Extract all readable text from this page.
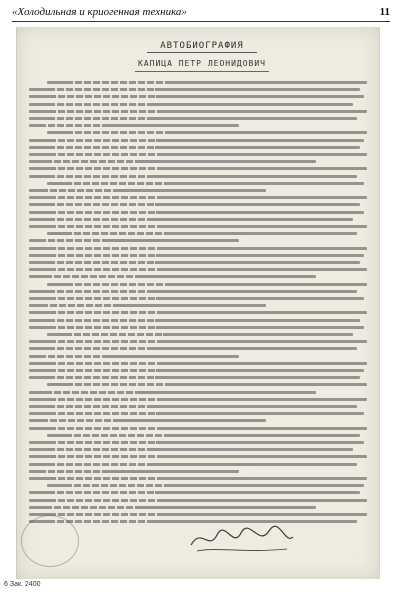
«Холодильная и криогенная техника»	11
АВТОБИОГРАФИЯ
КАПИЦА ПЕТР ЛЕОНИДОВИЧ
6 Зак. 2400
